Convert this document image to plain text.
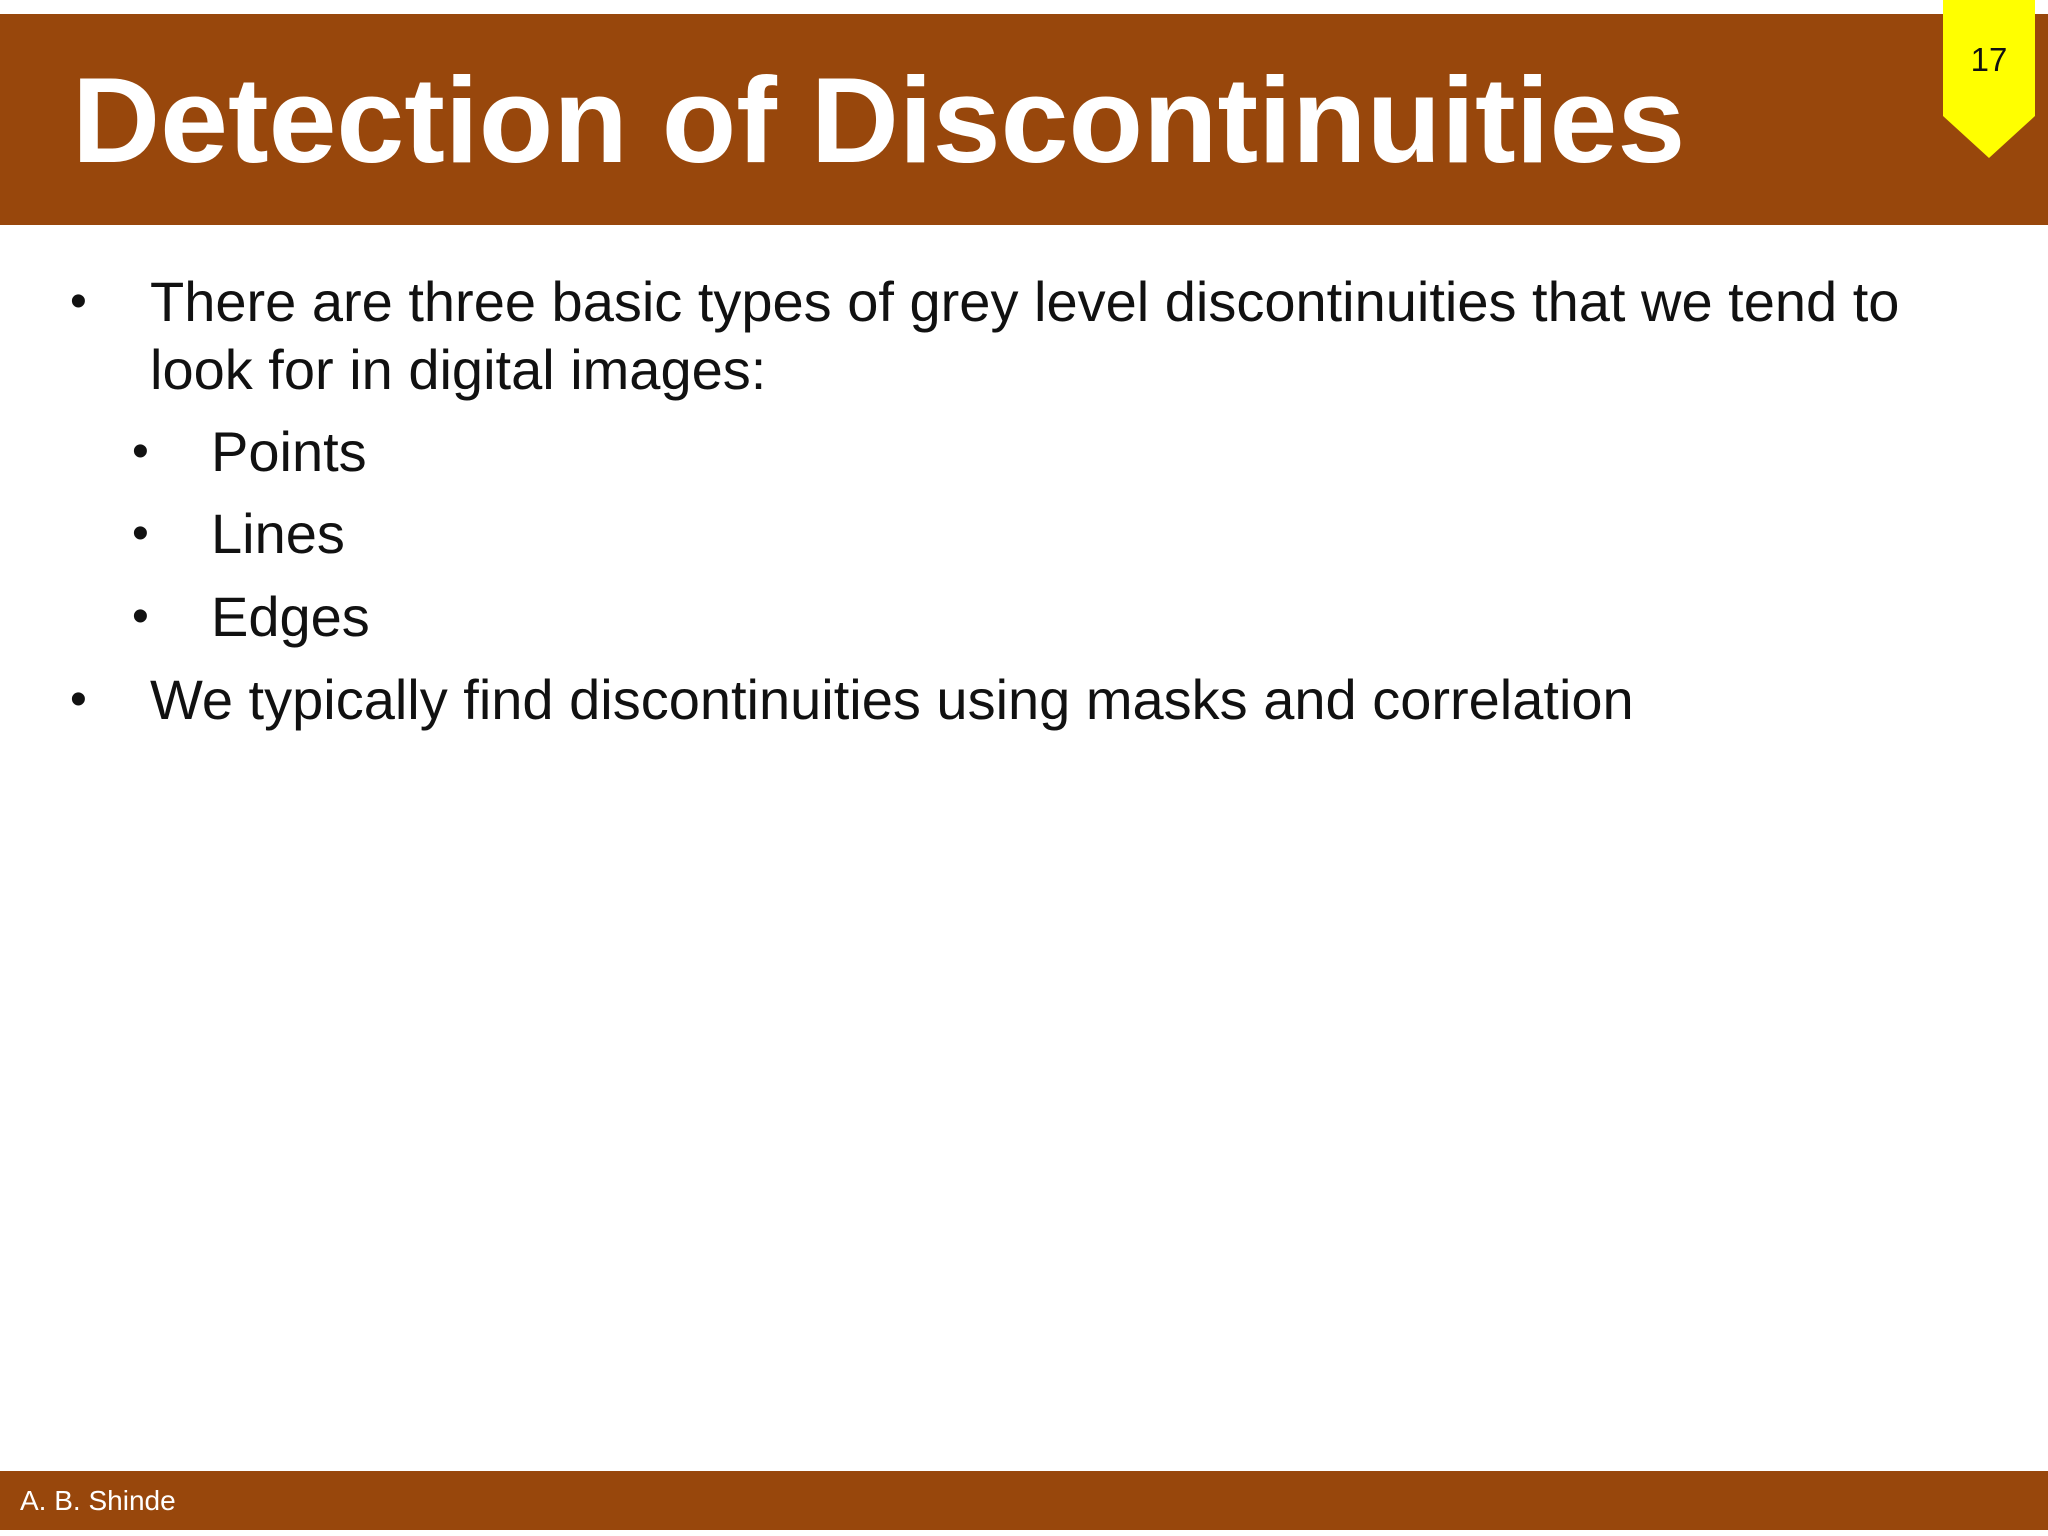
Detection of Discontinuities	17
• There are three basic types of grey level discontinuities that we tend to
look for in digital images:
• Points
• Lines
• Edges
• We typically find discontinuities using masks and correlation
A. B. Shinde
